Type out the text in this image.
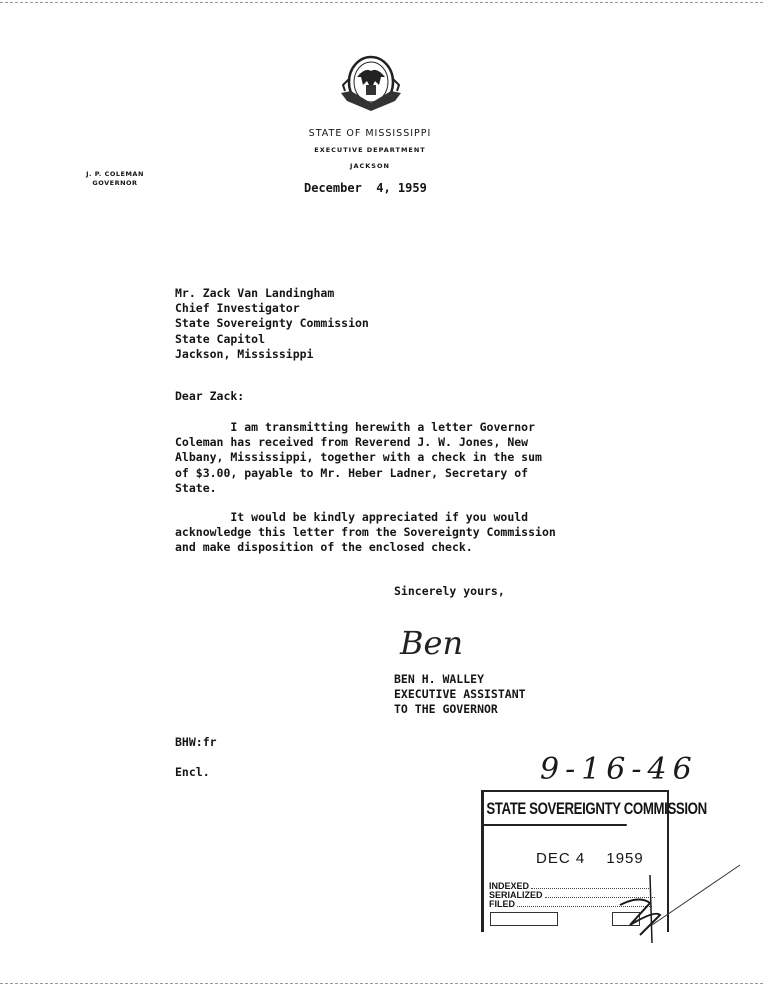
STATE OF MISSISSIPPI
EXECUTIVE DEPARTMENT
JACKSON
J. P. COLEMAN
GOVERNOR	December  4, 1959
Mr. Zack Van Landingham
Chief Investigator
State Sovereignty Commission
State Capitol
Jackson, Mississippi
Dear Zack:
I am transmitting herewith a letter Governor
Coleman has received from Reverend J. W. Jones, New
Albany, Mississippi, together with a check in the sum
of $3.00, payable to Mr. Heber Ladner, Secretary of
State.
It would be kindly appreciated if you would
acknowledge this letter from the Sovereignty Commission
and make disposition of the enclosed check.
Sincerely yours,
Ben
BEN H. WALLEY
EXECUTIVE ASSISTANT
TO THE GOVERNOR
BHW:fr
Encl.	9-16-46
STATE SOVEREIGNTY COMMISSION
DEC 4 1959
INDEXED
SERIALIZED
FILED
